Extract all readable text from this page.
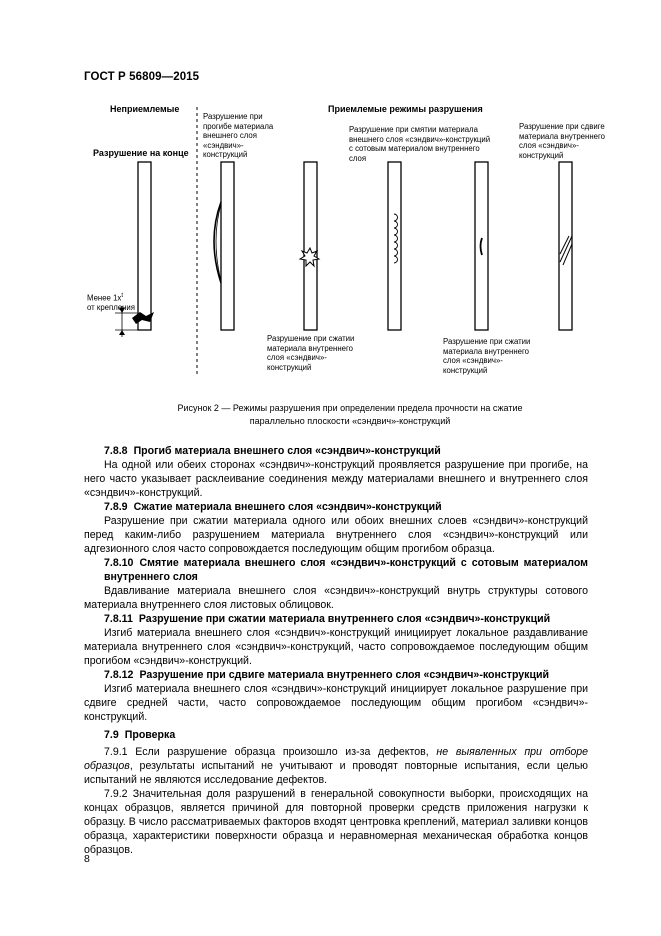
ГОСТ Р 56809—2015
Неприемлемые	Приемлемые режимы разрушения
Разрушение на конце
Менее $1х^t$
от крепления
Разрушение при
прогибе материала
внешнего слоя
«сэндвич»-
конструкций
Разрушение при смятии материала
внешнего слоя «сэндвич»-конструкций
с сотовым материалом внутреннего
слоя
Разрушение при сдвиге
материала внутреннего
слоя «сэндвич»-
конструкций
Разрушение при сжатии
материала внутреннего
слоя «сэндвич»-
конструкций
Разрушение при сжатии
материала внутреннего
слоя «сэндвич»-
конструкций
Рисунок 2 — Режимы разрушения при определении предела прочности на сжатие
параллельно плоскости «сэндвич»-конструкций

7.8.8 Прогиб материала внешнего слоя «сэндвич»-конструкций

На одной или обеих сторонах «сэндвич»-конструкций проявляется разрушение при прогибе, на него часто указывает расклеивание соединения между материалами внешнего и внутреннего слоя «сэндвич»-конструкций.

7.8.9 Сжатие материала внешнего слоя «сэндвич»-конструкций

Разрушение при сжатии материала одного или обоих внешних слоев «сэндвич»-конструкций перед каким-либо разрушением материала внутреннего слоя «сэндвич»-конструкций или адгезионного слоя часто сопровождается последующим общим прогибом образца.

7.8.10 Смятие материала внешнего слоя «сэндвич»-конструкций с сотовым материалом внутреннего слоя

Вдавливание материала внешнего слоя «сэндвич»-конструкций внутрь структуры сотового материала внутреннего слоя листовых облицовок.

7.8.11 Разрушение при сжатии материала внутреннего слоя «сэндвич»-конструкций

Изгиб материала внешнего слоя «сэндвич»-конструкций инициирует локальное раздавливание материала внутреннего слоя «сэндвич»-конструкций, часто сопровождаемое последующим общим прогибом «сэндвич»-конструкций.

7.8.12 Разрушение при сдвиге материала внутреннего слоя «сэндвич»-конструкций

Изгиб материала внешнего слоя «сэндвич»-конструкций инициирует локальное разрушение при сдвиге средней части, часто сопровождаемое последующим общим прогибом «сэндвич»-конструкций.

7.9 Проверка

7.9.1 Если разрушение образца произошло из-за дефектов, не выявленных при отборе образцов, результаты испытаний не учитывают и проводят повторные испытания, если целью испытаний не являются исследование дефектов.

7.9.2 Значительная доля разрушений в генеральной совокупности выборки, происходящих на концах образцов, является причиной для повторной проверки средств приложения нагрузки к образцу. В число рассматриваемых факторов входят центровка креплений, материал заливки концов образца, характеристики поверхности образца и неравномерная механическая обработка концов образцов.

8
